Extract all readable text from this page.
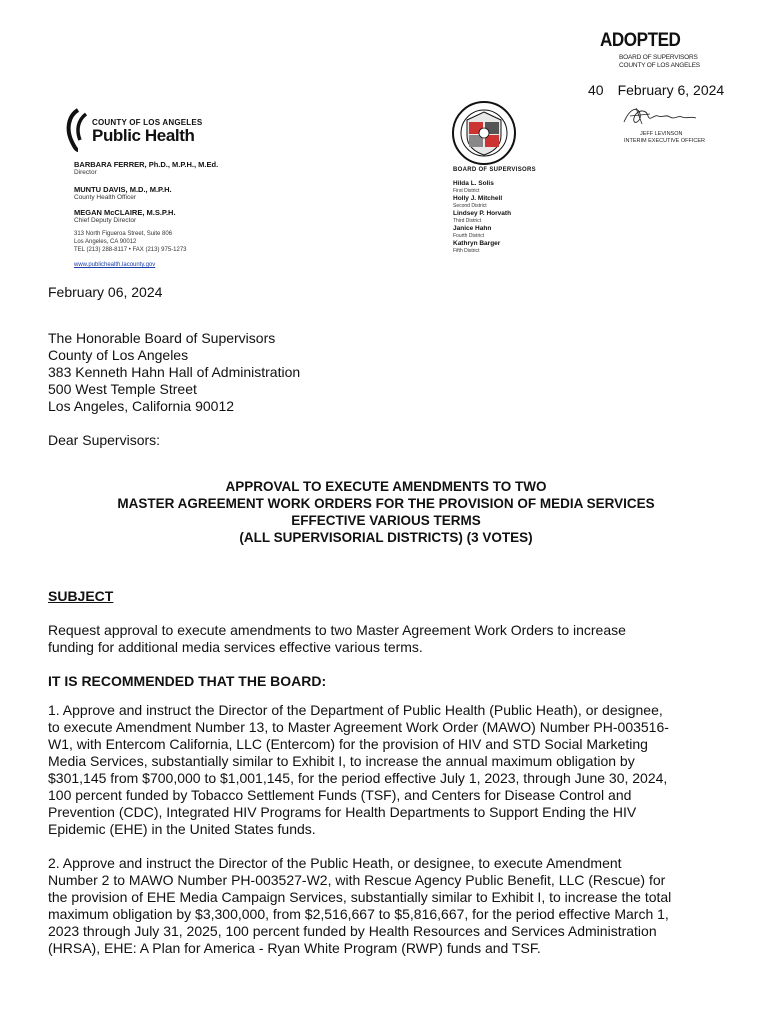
ADOPTED
BOARD OF SUPERVISORS
COUNTY OF LOS ANGELES
40 February 6, 2024
JEFF LEVINSON
INTERIM EXECUTIVE OFFICER
COUNTY OF LOS ANGELES
Public Health
BARBARA FERRER, Ph.D., M.P.H., M.Ed.
Director
MUNTU DAVIS, M.D., M.P.H.
County Health Officer
MEGAN McCLAIRE, M.S.P.H.
Chief Deputy Director
313 North Figueroa Street, Suite 806
Los Angeles, CA 90012
TEL (213) 288-8117 • FAX (213) 975-1273
www.publichealth.lacounty.gov
BOARD OF SUPERVISORS
Hilda L. Solis
First District
Holly J. Mitchell
Second District
Lindsey P. Horvath
Third District
Janice Hahn
Fourth District
Kathryn Barger
Fifth District
February 06, 2024
The Honorable Board of Supervisors
County of Los Angeles
383 Kenneth Hahn Hall of Administration
500 West Temple Street
Los Angeles, California 90012
Dear Supervisors:
APPROVAL TO EXECUTE AMENDMENTS TO TWO
MASTER AGREEMENT WORK ORDERS FOR THE PROVISION OF MEDIA SERVICES
EFFECTIVE VARIOUS TERMS
(ALL SUPERVISORIAL DISTRICTS) (3 VOTES)
SUBJECT
Request approval to execute amendments to two Master Agreement Work Orders to increase
funding for additional media services effective various terms.
IT IS RECOMMENDED THAT THE BOARD:
1. Approve and instruct the Director of the Department of Public Health (Public Heath), or designee,
to execute Amendment Number 13, to Master Agreement Work Order (MAWO) Number PH-003516-
W1, with Entercom California, LLC (Entercom) for the provision of HIV and STD Social Marketing
Media Services, substantially similar to Exhibit I, to increase the annual maximum obligation by
$301,145 from $700,000 to $1,001,145, for the period effective July 1, 2023, through June 30, 2024,
100 percent funded by Tobacco Settlement Funds (TSF), and Centers for Disease Control and
Prevention (CDC), Integrated HIV Programs for Health Departments to Support Ending the HIV
Epidemic (EHE) in the United States funds.
2. Approve and instruct the Director of the Public Heath, or designee, to execute Amendment
Number 2 to MAWO Number PH-003527-W2, with Rescue Agency Public Benefit, LLC (Rescue) for
the provision of EHE Media Campaign Services, substantially similar to Exhibit I, to increase the total
maximum obligation by $3,300,000, from $2,516,667 to $5,816,667, for the period effective March 1,
2023 through July 31, 2025, 100 percent funded by Health Resources and Services Administration
(HRSA), EHE: A Plan for America - Ryan White Program (RWP) funds and TSF.
